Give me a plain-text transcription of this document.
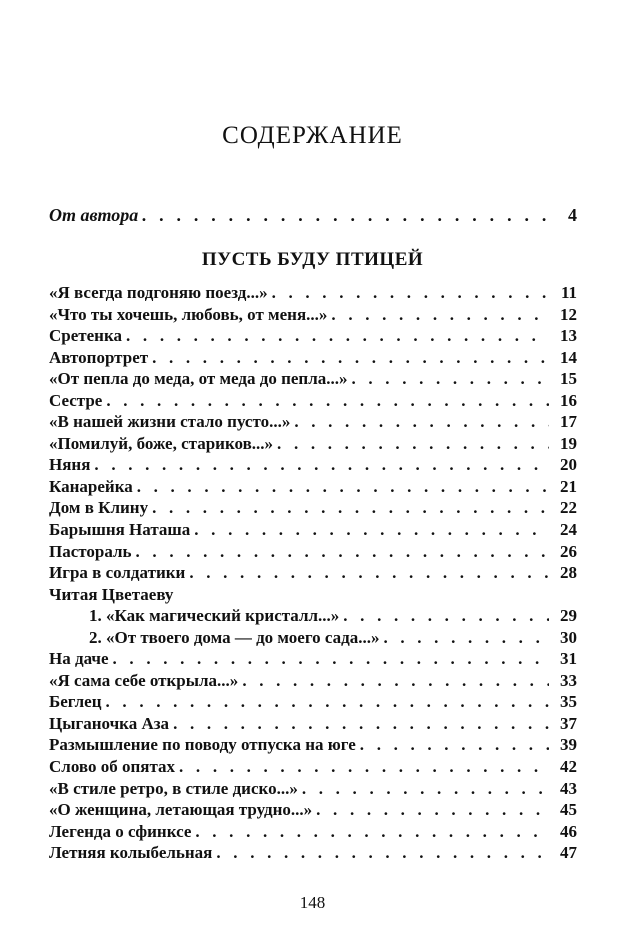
СОДЕРЖАНИЕ
От автора . . .	4
ПУСТЬ БУДУ ПТИЦЕЙ
«Я всегда подгоняю поезд...» . . .	11
«Что ты хочешь, любовь, от меня...» . . .	12
Сретенка . . .	13
Автопортрет . . .	14
«От пепла до меда, от меда до пепла...» . . .	15
Сестре . . .	16
«В нашей жизни стало пусто...» . . .	17
«Помилуй, боже, стариков...» . . .	19
Няня . . .	20
Канарейка . . .	21
Дом в Клину . . .	22
Барышня Наташа . . .	24
Пастораль . . .	26
Игра в солдатики . . .	28
Читая Цветаеву
1. «Как магический кристалл...» . . .	29
2. «От твоего дома — до моего сада...» . . .	30
На даче . . .	31
«Я сама себе открыла...» . . .	33
Беглец . . .	35
Цыганочка Аза . . .	37
Размышление по поводу отпуска на юге . . .	39
Слово об опятах . . .	42
«В стиле ретро, в стиле диско...» . . .	43
«О женщина, летающая трудно...» . . .	45
Легенда о сфинксе . . .	46
Летняя колыбельная . . .	47
148
